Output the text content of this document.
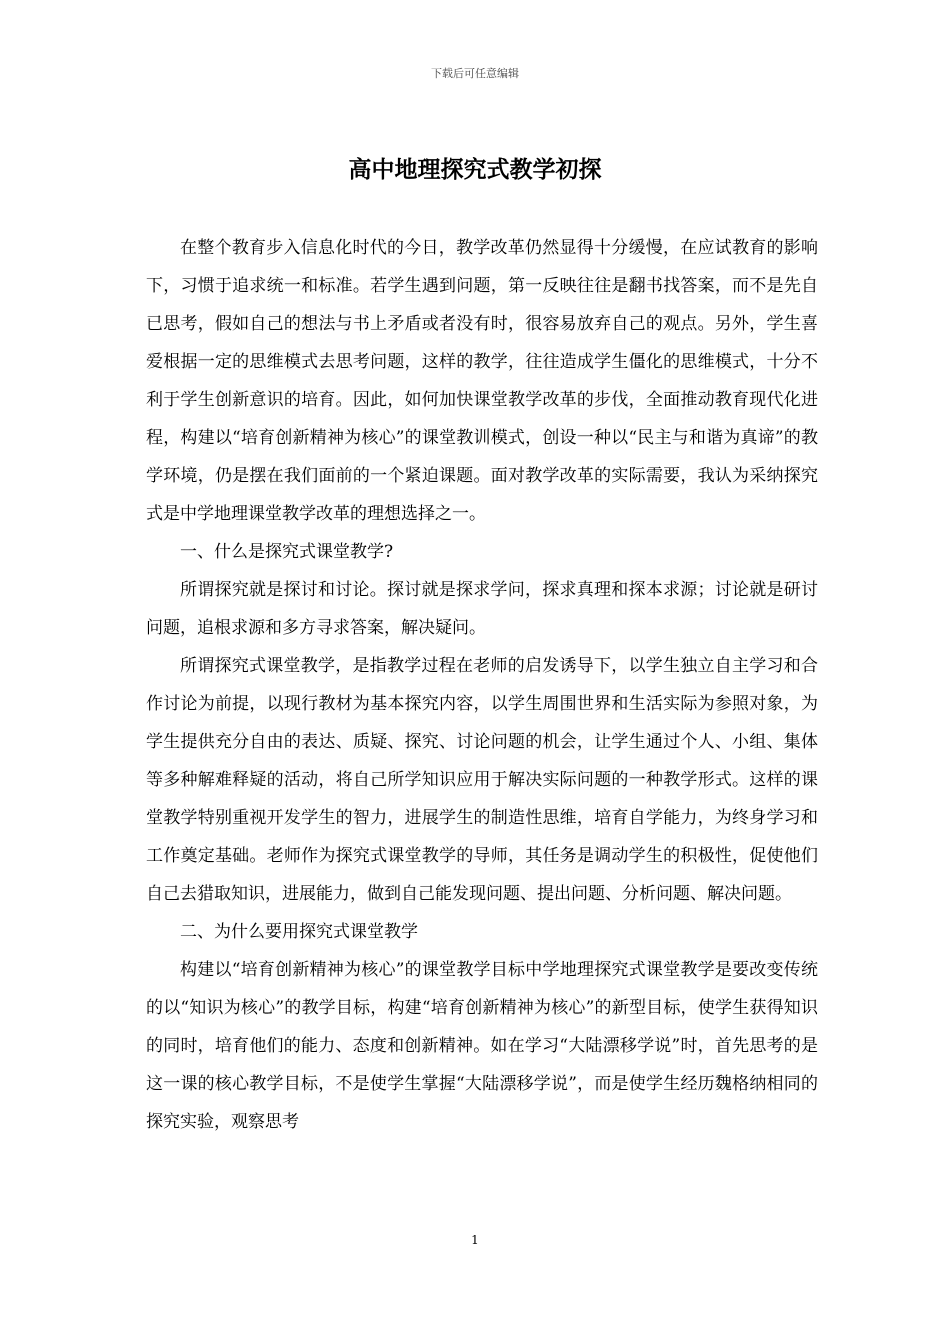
下载后可任意编辑
高中地理探究式教学初探

在整个教育步入信息化时代的今日，教学改革仍然显得十分缓慢，在应试教育的影响下，习惯于追求统一和标准。若学生遇到问题，第一反映往往是翻书找答案，而不是先自已思考，假如自己的想法与书上矛盾或者没有时，很容易放弃自己的观点。另外，学生喜爱根据一定的思维模式去思考问题，这样的教学，往往造成学生僵化的思维模式，十分不利于学生创新意识的培育。因此，如何加快课堂教学改革的步伐，全面推动教育现代化进程，构建以“培育创新精神为核心”的课堂教训模式，创设一种以“民主与和谐为真谛”的教学环境，仍是摆在我们面前的一个紧迫课题。面对教学改革的实际需要，我认为采纳探究式是中学地理课堂教学改革的理想选择之一。

一、什么是探究式课堂教学?

所谓探究就是探讨和讨论。探讨就是探求学问，探求真理和探本求源；讨论就是研讨问题，追根求源和多方寻求答案，解决疑问。

所谓探究式课堂教学，是指教学过程在老师的启发诱导下，以学生独立自主学习和合作讨论为前提，以现行教材为基本探究内容，以学生周围世界和生活实际为参照对象，为学生提供充分自由的表达、质疑、探究、讨论问题的机会，让学生通过个人、小组、集体等多种解难释疑的活动，将自己所学知识应用于解决实际问题的一种教学形式。这样的课堂教学特别重视开发学生的智力，进展学生的制造性思维，培育自学能力，为终身学习和工作奠定基础。老师作为探究式课堂教学的导师，其任务是调动学生的积极性，促使他们自己去猎取知识，进展能力，做到自己能发现问题、提出问题、分析问题、解决问题。

二、为什么要用探究式课堂教学

构建以“培育创新精神为核心”的课堂教学目标中学地理探究式课堂教学是要改变传统的以“知识为核心”的教学目标，构建“培育创新精神为核心”的新型目标，使学生获得知识的同时，培育他们的能力、态度和创新精神。如在学习“大陆漂移学说”时，首先思考的是这一课的核心教学目标，不是使学生掌握“大陆漂移学说”，而是使学生经历魏格纳相同的探究实验，观察思考

1
